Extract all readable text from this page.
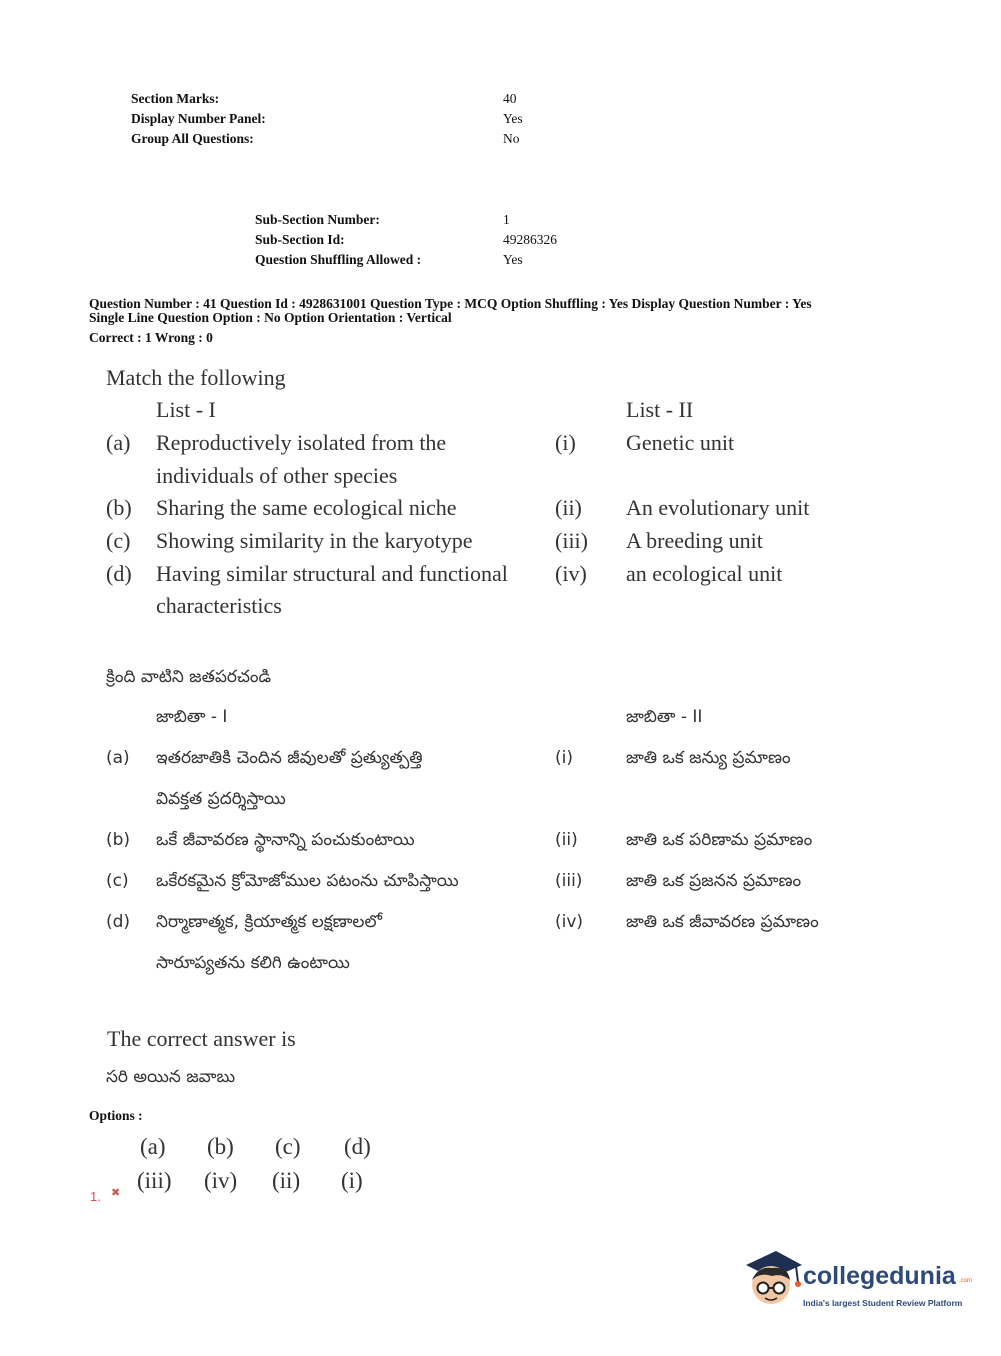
Section Marks:	40
Display Number Panel:	Yes
Group All Questions:	No
Sub-Section Number:	1
Sub-Section Id:	49286326
Question Shuffling Allowed :	Yes
Question Number : 41 Question Id : 4928631001 Question Type : MCQ Option Shuffling : Yes Display Question Number : Yes
Single Line Question Option : No Option Orientation : Vertical
Correct : 1 Wrong : 0
Match the following
List - I	List - II
(a) Reproductively isolated from the	(i) Genetic unit
individuals of other species
(b) Sharing the same ecological niche	(ii) An evolutionary unit
(c) Showing similarity in the karyotype	(iii) A breeding unit
(d) Having similar structural and functional (iv) an ecological unit
characteristics
క్రింది వాటిని జతపరచండి
జాబితా - I	జాబితా - II
(a) ఇతరజాతికి చెందిన జీవులతో ప్రత్యుత్పత్తి	(i)	జాతి ఒక జన్యు ప్రమాణం
వివక్తత ప్రదర్శిస్తాయి
(b) ఒకే జీవావరణ స్థానాన్ని పంచుకుంటాయి	(ii)	జాతి ఒక పరిణామ ప్రమాణం
(c) ఒకేరకమైన క్రోమోజోముల పటంను చూపిస్తాయి	(iii)	జాతి ఒక ప్రజనన ప్రమాణం
(d) నిర్మాణాత్మక, క్రియాత్మక లక్షణాలలో	(iv)	జాతి ఒక జీవావరణ ప్రమాణం
సారూప్యతను కలిగి ఉంటాయి
The correct answer is
సరి అయిన జవాబు
Options :
(a) (b) (c) (d)
(iii) (iv) (ii) (i)
1. ✖
collegedunia .com
India's largest Student Review Platform
